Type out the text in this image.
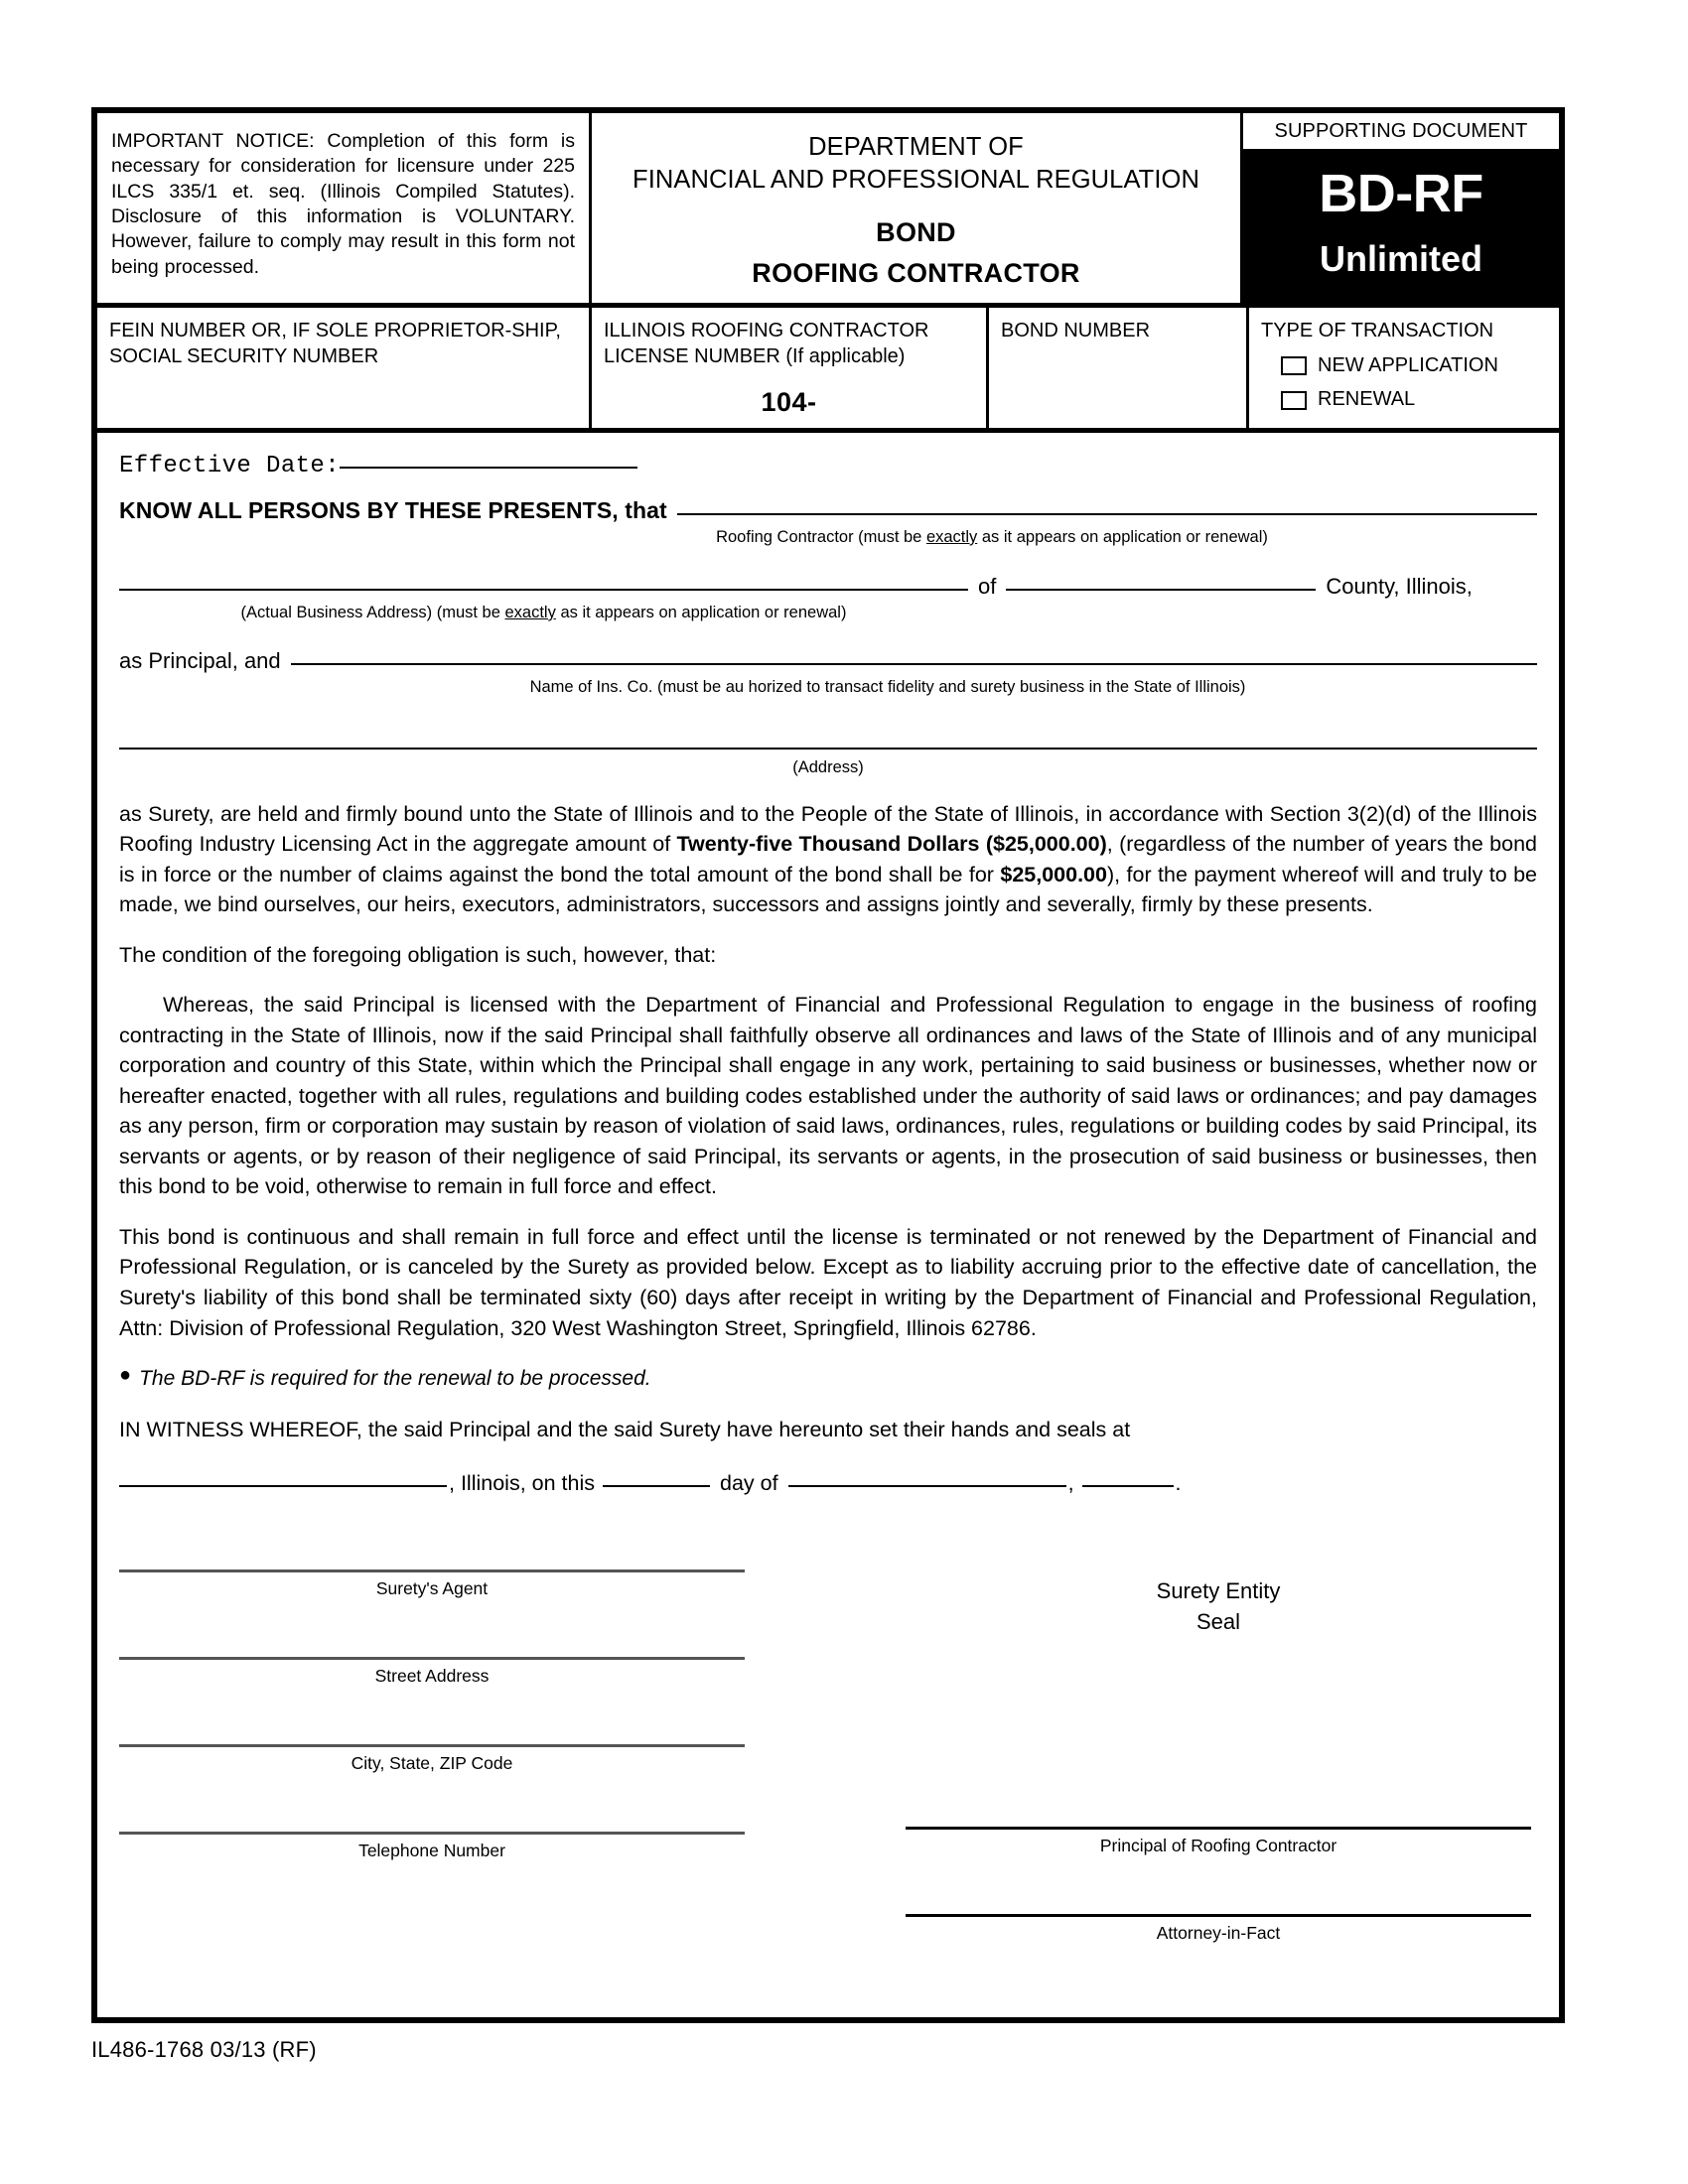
IMPORTANT NOTICE: Completion of this form is necessary for consideration for licensure under 225 ILCS 335/1 et. seq. (Illinois Compiled Statutes). Disclosure of this information is VOLUNTARY. However, failure to comply may result in this form not being processed.
DEPARTMENT OF
FINANCIAL AND PROFESSIONAL REGULATION
BOND
ROOFING CONTRACTOR
SUPPORTING DOCUMENT
BD-RF
Unlimited
FEIN NUMBER OR, IF SOLE PROPRIETOR-SHIP, SOCIAL SECURITY NUMBER
ILLINOIS ROOFING CONTRACTOR
LICENSE NUMBER (If applicable)
104-
BOND NUMBER	TYPE OF TRANSACTION
NEW APPLICATION
RENEWAL
Effective Date:
KNOW ALL PERSONS BY THESE PRESENTS, that
Roofing Contractor (must be exactly as it appears on application or renewal)
of	County, Illinois,
(Actual Business Address) (must be exactly as it appears on application or renewal)
as Principal, and
Name of Ins. Co. (must be au horized to transact fidelity and surety business in the State of Illinois)
(Address)
as Surety, are held and firmly bound unto the State of Illinois and to the People of the State of Illinois, in accordance with Section 3(2)(d) of the Illinois Roofing Industry Licensing Act in the aggregate amount of Twenty-five Thousand Dollars ($25,000.00), (regardless of the number of years the bond is in force or the number of claims against the bond the total amount of the bond shall be for $25,000.00), for the payment whereof will and truly to be made, we bind ourselves, our heirs, executors, administrators, successors and assigns jointly and severally, firmly by these presents.
The condition of the foregoing obligation is such, however, that:
Whereas, the said Principal is licensed with the Department of Financial and Professional Regulation to engage in the business of roofing contracting in the State of Illinois, now if the said Principal shall faithfully observe all ordinances and laws of the State of Illinois and of any municipal corporation and country of this State, within which the Principal shall engage in any work, pertaining to said business or businesses, whether now or hereafter enacted, together with all rules, regulations and building codes established under the authority of said laws or ordinances; and pay damages as any person, firm or corporation may sustain by reason of violation of said laws, ordinances, rules, regulations or building codes by said Principal, its servants or agents, or by reason of their negligence of said Principal, its servants or agents, in the prosecution of said business or businesses, then this bond to be void, otherwise to remain in full force and effect.
This bond is continuous and shall remain in full force and effect until the license is terminated or not renewed by the Department of Financial and Professional Regulation, or is canceled by the Surety as provided below. Except as to liability accruing prior to the effective date of cancellation, the Surety's liability of this bond shall be terminated sixty (60) days after receipt in writing by the Department of Financial and Professional Regulation, Attn: Division of Professional Regulation, 320 West Washington Street, Springfield, Illinois 62786.
● The BD-RF is required for the renewal to be processed.
IN WITNESS WHEREOF, the said Principal and the said Surety have hereunto set their hands and seals at
, Illinois, on this	day of	,	.
Surety's Agent
Street Address
City, State, ZIP Code
Telephone Number
Surety Entity
Seal
Principal of Roofing Contractor
Attorney-in-Fact
IL486-1768 03/13 (RF)
